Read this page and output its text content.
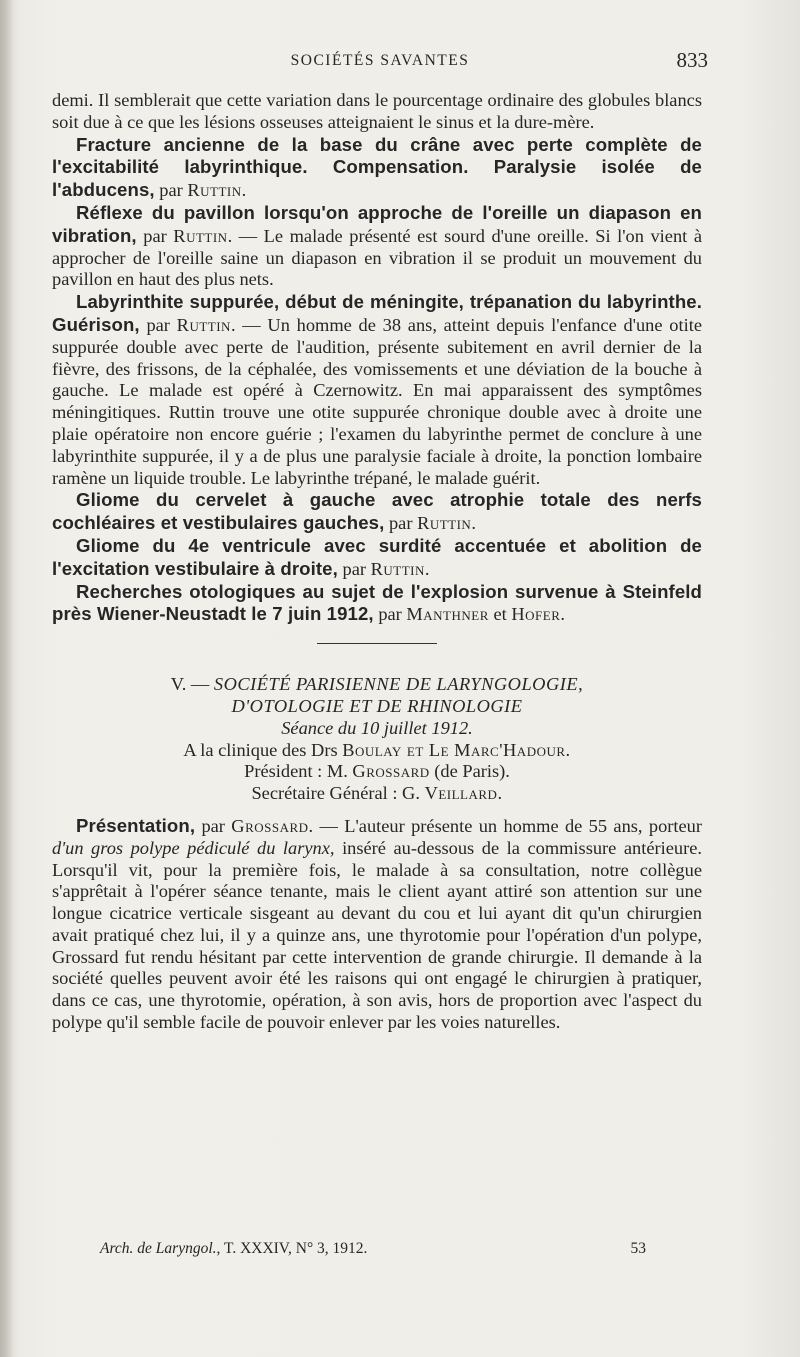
SOCIÉTÉS SAVANTES	833

demi. Il semblerait que cette variation dans le pourcentage ordinaire des globules blancs soit due à ce que les lésions osseuses atteignaient le sinus et la dure-mère.

Fracture ancienne de la base du crâne avec perte complète de l'excitabilité labyrinthique. Compensation. Paralysie isolée de l'abducens, par Ruttin.

Réflexe du pavillon lorsqu'on approche de l'oreille un diapason en vibration, par Ruttin. — Le malade présenté est sourd d'une oreille. Si l'on vient à approcher de l'oreille saine un diapason en vibration il se produit un mouvement du pavillon en haut des plus nets.

Labyrinthite suppurée, début de méningite, trépanation du labyrinthe. Guérison, par Ruttin. — Un homme de 38 ans, atteint depuis l'enfance d'une otite suppurée double avec perte de l'audition, présente subitement en avril dernier de la fièvre, des frissons, de la céphalée, des vomissements et une déviation de la bouche à gauche. Le malade est opéré à Czernowitz. En mai apparaissent des symptômes méningitiques. Ruttin trouve une otite suppurée chronique double avec à droite une plaie opératoire non encore guérie ; l'examen du labyrinthe permet de conclure à une labyrinthite suppurée, il y a de plus une paralysie faciale à droite, la ponction lombaire ramène un liquide trouble. Le labyrinthe trépané, le malade guérit.

Gliome du cervelet à gauche avec atrophie totale des nerfs cochléaires et vestibulaires gauches, par Ruttin.

Gliome du 4e ventricule avec surdité accentuée et abolition de l'excitation vestibulaire à droite, par Ruttin.

Recherches otologiques au sujet de l'explosion survenue à Steinfeld près Wiener-Neustadt le 7 juin 1912, par Manthner et Hofer.

V. — SOCIÉTÉ PARISIENNE DE LARYNGOLOGIE,

D'OTOLOGIE ET DE RHINOLOGIE

Séance du 10 juillet 1912.

A la clinique des Drs Boulay et Le Marc'Hadour.

Président : M. Grossard (de Paris).

Secrétaire Général : G. Veillard.

Présentation, par Grossard. — L'auteur présente un homme de 55 ans, porteur d'un gros polype pédiculé du larynx, inséré au-dessous de la commissure antérieure. Lorsqu'il vit, pour la première fois, le malade à sa consultation, notre collègue s'apprêtait à l'opérer séance tenante, mais le client ayant attiré son attention sur une longue cicatrice verticale sisgeant au devant du cou et lui ayant dit qu'un chirurgien avait pratiqué chez lui, il y a quinze ans, une thyrotomie pour l'opération d'un polype, Grossard fut rendu hésitant par cette intervention de grande chirurgie. Il demande à la société quelles peuvent avoir été les raisons qui ont engagé le chirurgien à pratiquer, dans ce cas, une thyrotomie, opération, à son avis, hors de proportion avec l'aspect du polype qu'il semble facile de pouvoir enlever par les voies naturelles.

Arch. de Laryngol., T. XXXIV, N° 3, 1912.	53
